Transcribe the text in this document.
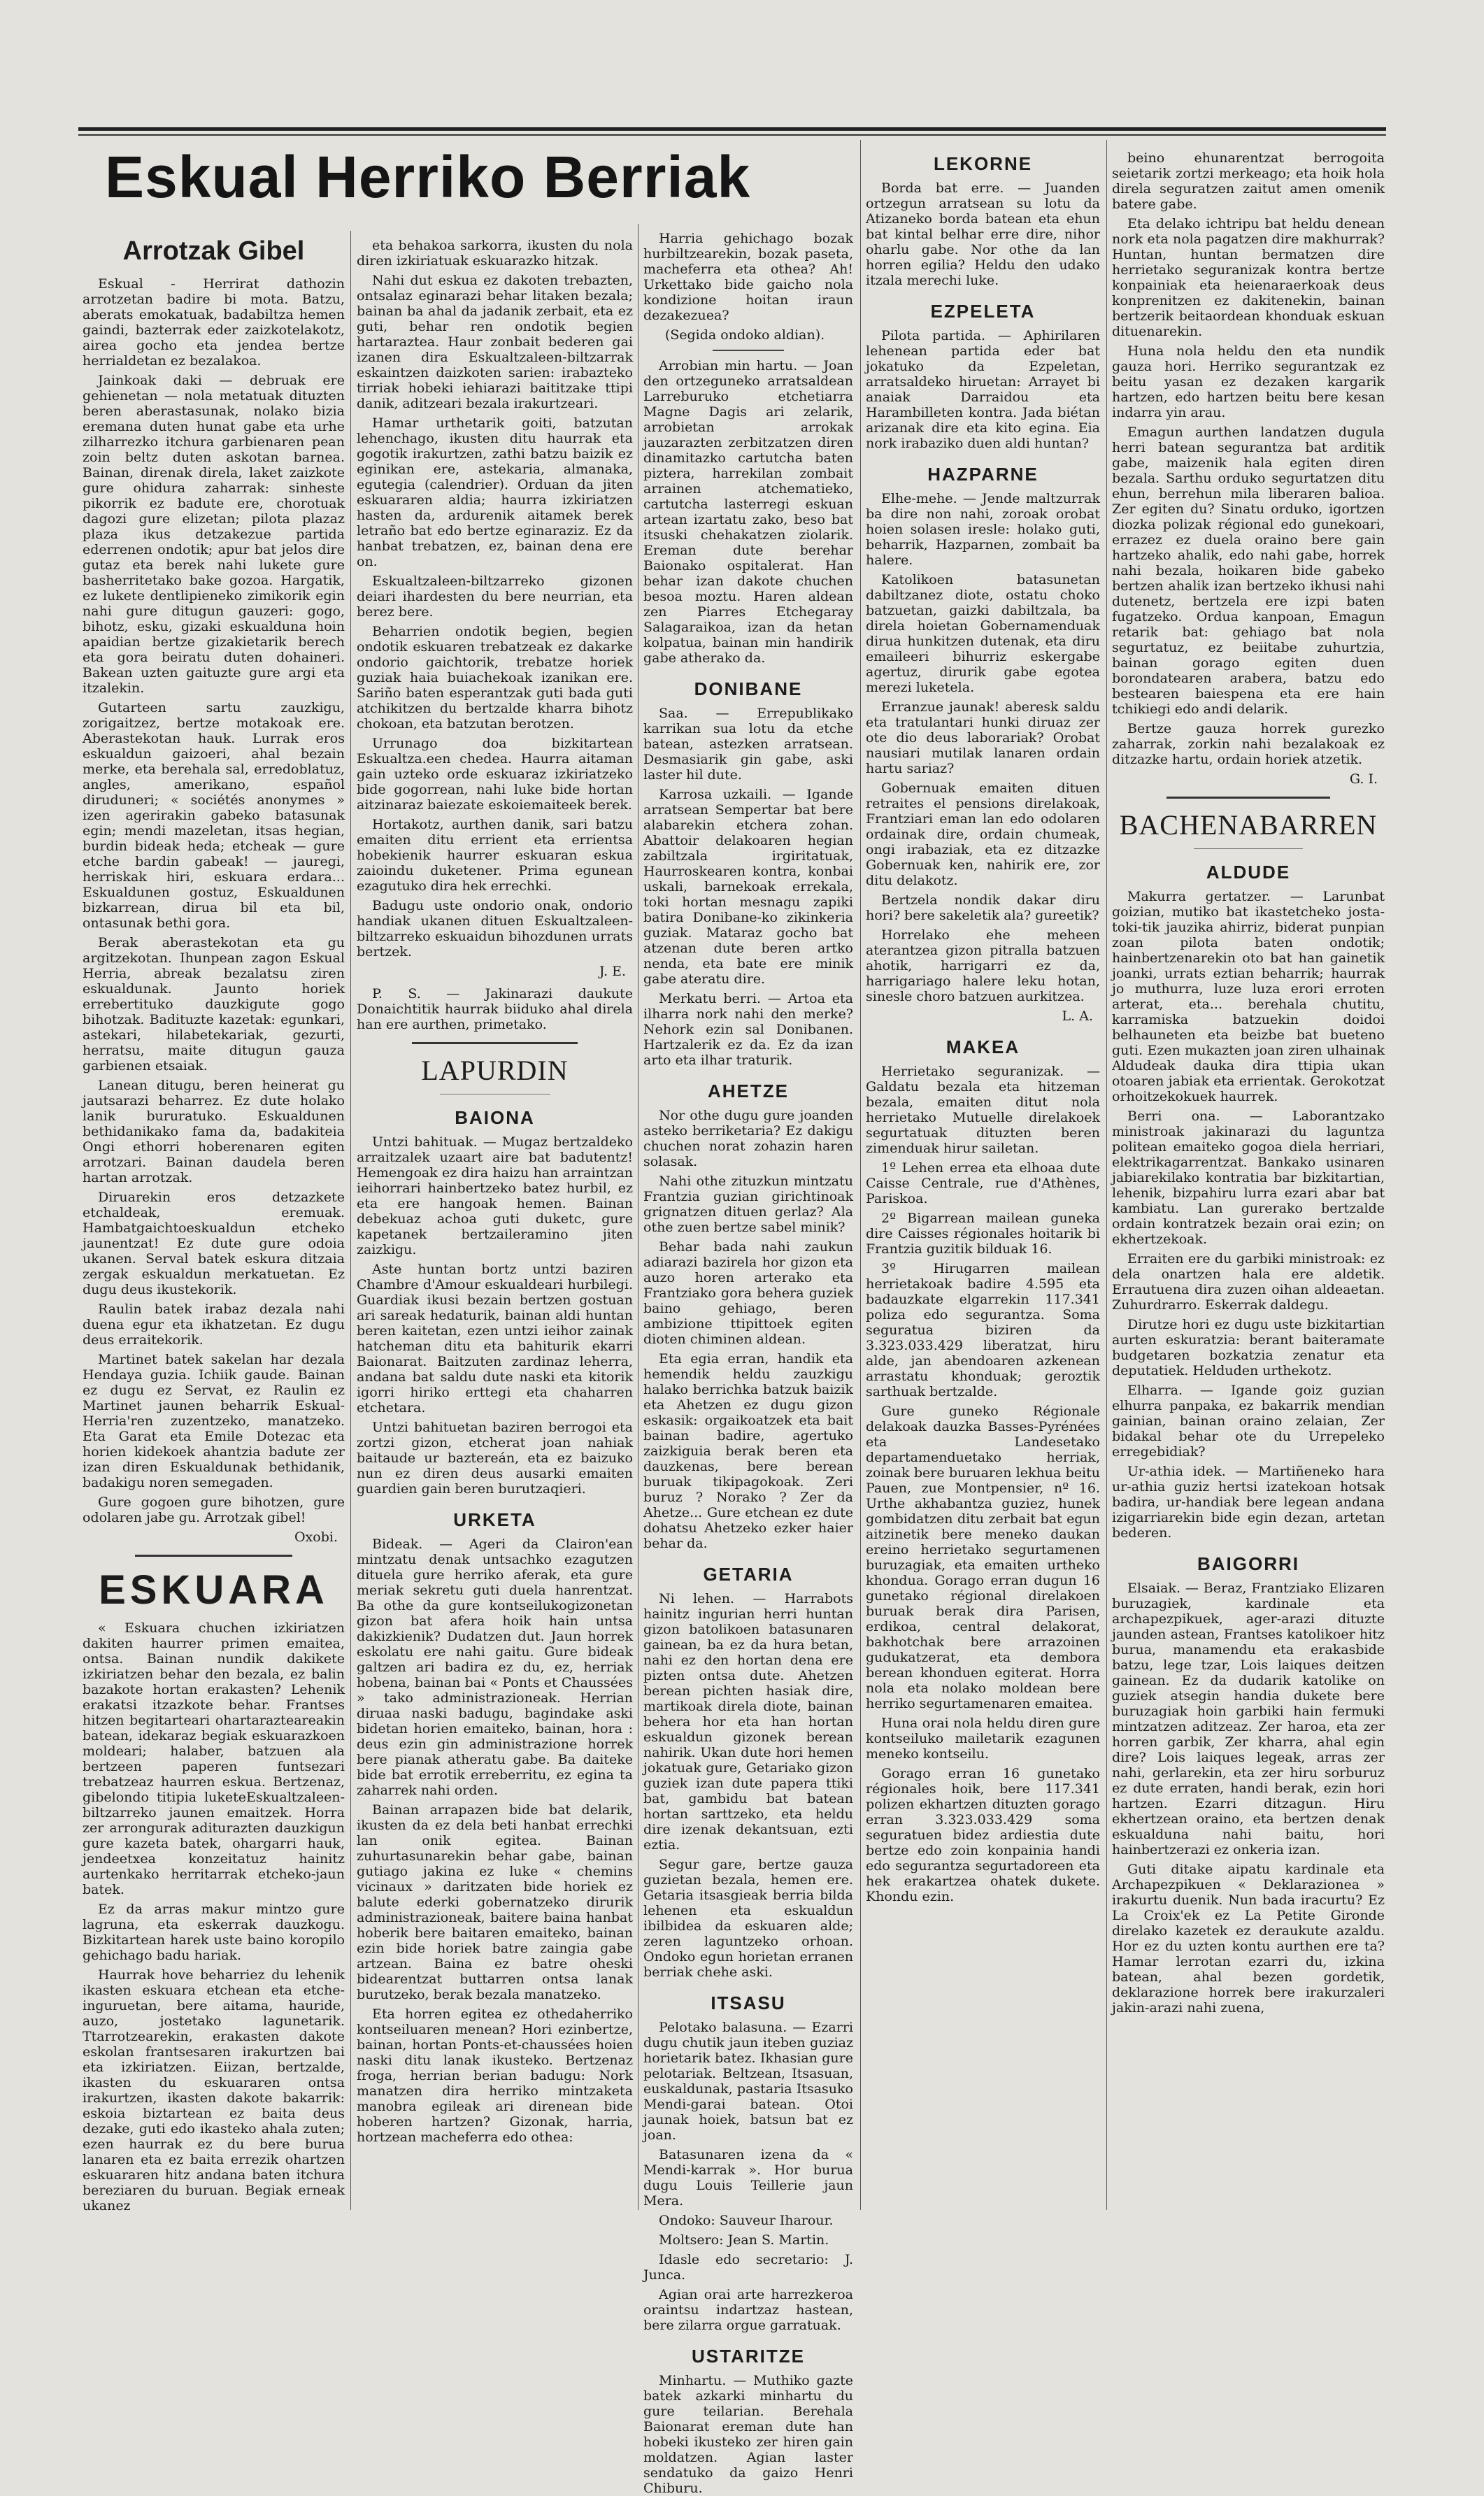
Eskual Herriko Berriak
Arrotzak Gibel

Eskual - Herrirat dathozin arrotzetan badire bi mota. Batzu, aberats emokatuak, badabiltza hemen gaindi, bazterrak eder zaizkotelakotz, airea gocho eta jendea bertze herrialdetan ez bezalakoa.

Jainkoak daki — debruak ere gehienetan — nola metatuak dituzten beren aberastasunak, nolako bizia eremana duten hunat gabe eta urhe zilharrezko itchura garbienaren pean zoin beltz duten askotan barnea. Bainan, direnak direla, laket zaizkote gure ohidura zaharrak: sinheste pikorrik ez badute ere, chorotuak dagozi gure elizetan; pilota plazaz plaza ikus detzakezue partida ederrenen ondotik; apur bat jelos dire gutaz eta berek nahi lukete gure basherritetako bake gozoa. Hargatik, ez lukete dentlipieneko zimikorik egin nahi gure ditugun gauzeri: gogo, bihotz, esku, gizaki eskualduna hoin apaidian bertze gizakietarik berech eta gora beiratu duten dohaineri. Bakean uzten gaituzte gure argi eta itzalekin.

Gutarteen sartu zauzkigu, zorigaitzez, bertze motakoak ere. Aberastekotan hauk. Lurrak eros eskualdun gaizoeri, ahal bezain merke, eta berehala sal, erredoblatuz, angles, amerikano, español diruduneri; « sociétés anonymes » izen agerirakin gabeko batasunak egin; mendi mazeletan, itsas hegian, burdin bideak heda; etcheak — gure etche bardin gabeak! — jauregi, herriskak hiri, eskuara erdara... Eskualdunen gostuz, Eskualdunen bizkarrean, dirua bil eta bil, ontasunak bethi gora.

Berak aberastekotan eta gu argitzekotan. Ihunpean zagon Eskual Herria, abreak bezalatsu ziren eskualdunak. Jaunto horiek errebertituko dauzkigute gogo bihotzak. Badituzte kazetak: egunkari, astekari, hilabetekariak, gezurti, herratsu, maite ditugun gauza garbienen etsaiak.

Lanean ditugu, beren heinerat gu jautsarazi beharrez. Ez dute holako lanik bururatuko. Eskualdunen bethidanikako fama da, badakiteia Ongi ethorri hoberenaren egiten arrotzari. Bainan daudela beren hartan arrotzak.

Diruarekin eros detzazkete etchaldeak, eremuak. Hambatgaichtoeskualdun etcheko jaunentzat! Ez dute gure odoia ukanen. Serval batek eskura ditzaia zergak eskualdun merkatuetan. Ez dugu deus ikustekorik.

Raulin batek irabaz dezala nahi duena egur eta ikhatzetan. Ez dugu deus erraitekorik.

Martinet batek sakelan har dezala Hendaya guzia. Ichiik gaude. Bainan ez dugu ez Servat, ez Raulin ez Martinet jaunen beharrik Eskual-Herria'ren zuzentzeko, manatzeko. Eta Garat eta Emile Dotezac eta horien kidekoek ahantzia badute zer izan diren Eskualdunak bethidanik, badakigu noren semegaden.

Gure gogoen gure bihotzen, gure odolaren jabe gu. Arrotzak gibel!

Oxobi.
ESKUARA

« Eskuara chuchen izkiriatzen dakiten haurrer primen emaitea, ontsa. Bainan nundik dakikete izkiriatzen behar den bezala, ez balin bazakote hortan erakasten? Lehenik erakatsi itzazkote behar. Frantses hitzen begitarteari ohartarazteareakin batean, idekaraz begiak eskuarazkoen moldeari; halaber, batzuen ala bertzeen paperen funtsezari trebatzeaz haurren eskua. Bertzenaz, gibelondo titipia luketeEskualtzaleen-biltzarreko jaunen emaitzek. Horra zer arrongurak aditurazten dauzkigun gure kazeta batek, ohargarri hauk, jendeetxea konzeitatuz hainitz aurtenkako herritarrak etcheko-jaun batek.

Ez da arras makur mintzo gure lagruna, eta eskerrak dauzkogu. Bizkitartean harek uste baino koropilo gehichago badu hariak.

Haurrak hove beharriez du lehenik ikasten eskuara etchean eta etche-inguruetan, bere aitama, hauride, auzo, jostetako lagunetarik. Ttarrotzearekin, erakasten dakote eskolan frantsesaren irakurtzen bai eta izkiriatzen. Eiizan, bertzalde, ikasten du eskuararen ontsa irakurtzen, ikasten dakote bakarrik: eskoia biztartean ez baita deus dezake, guti edo ikasteko ahala zuten; ezen haurrak ez du bere burua lanaren eta ez baita errezik ohartzen eskuararen hitz andana baten itchura bereziaren du buruan. Begiak erneak ukanez

eta behakoa sarkorra, ikusten du nola diren izkiriatuak eskuarazko hitzak.

Nahi dut eskua ez dakoten trebazten, ontsalaz eginarazi behar litaken bezala; bainan ba ahal da jadanik zerbait, eta ez guti, behar ren ondotik begien hartaraztea. Haur zonbait bederen gai izanen dira Eskualtzaleen-biltzarrak eskaintzen daizkoten sarien: irabazteko tirriak hobeki iehiarazi baititzake ttipi danik, aditzeari bezala irakurtzeari.

Hamar urthetarik goiti, batzutan lehenchago, ikusten ditu haurrak eta gogotik irakurtzen, zathi batzu baizik ez eginikan ere, astekaria, almanaka, egutegia (calendrier). Orduan da jiten eskuararen aldia; haurra izkiriatzen hasten da, ardurenik aitamek berek letraño bat edo bertze eginaraziz. Ez da hanbat trebatzen, ez, bainan dena ere on.

Eskualtzaleen-biltzarreko gizonen deiari ihardesten du bere neurrian, eta berez bere.

Beharrien ondotik begien, begien ondotik eskuaren trebatzeak ez dakarke ondorio gaichtorik, trebatze horiek guziak haia buiachekoak izanikan ere. Sariño baten esperantzak guti bada guti atchikitzen du bertzalde kharra bihotz chokoan, eta batzutan berotzen.

Urrunago doa bizkitartean Eskualtza.een chedea. Haurra aitaman gain uzteko orde eskuaraz izkiriatzeko bide gogorrean, nahi luke bide hortan aitzinaraz baiezate eskoiemaiteek berek.

Hortakotz, aurthen danik, sari batzu emaiten ditu errient eta errientsa hobekienik haurrer eskuaran eskua zaioindu duketener. Prima egunean ezagutuko dira hek errechki.

Badugu uste ondorio onak, ondorio handiak ukanen dituen Eskualtzaleen-biltzarreko eskuaidun bihozdunen urrats bertzek.

J. E.

P. S. — Jakinarazi daukute Donaichtitik haurrak biiduko ahal direla han ere aurthen, primetako.

LAPURDIN
BAIONA

Untzi bahituak. — Mugaz bertzaldeko arraitzalek uzaart aire bat badutentz! Hemengoak ez dira haizu han arraintzan ieihorrari hainbertzeko batez hurbil, ez eta ere hangoak hemen. Bainan debekuaz achoa guti duketc, gure kapetanek bertzaileramino jiten zaizkigu.

Aste huntan bortz untzi baziren Chambre d'Amour eskualdeari hurbilegi. Guardiak ikusi bezain bertzen gostuan ari sareak hedaturik, bainan aldi huntan beren kaitetan, ezen untzi ieihor zainak hatcheman ditu eta bahiturik ekarri Baionarat. Baitzuten zardinaz leherra, andana bat saldu dute naski eta kitorik igorri hiriko erttegi eta chaharren etchetara.

Untzi bahituetan baziren berrogoi eta zortzi gizon, etcherat joan nahiak baitaude ur baztereán, eta ez baizuko nun ez diren deus ausarki emaiten guardien gain beren burutzaqieri.

URKETA

Bideak. — Ageri da Clairon'ean mintzatu denak untsachko ezagutzen dituela gure herriko aferak, eta gure meriak sekretu guti duela hanrentzat. Ba othe da gure kontseilukogizonetan gizon bat afera hoik hain untsa dakizkienik? Dudatzen dut. Jaun horrek eskolatu ere nahi gaitu. Gure bideak galtzen ari badira ez du, ez, herriak hobena, bainan bai « Ponts et Chaussées » tako administrazioneak. Herrian diruaa naski badugu, bagindake aski bidetan horien emaiteko, bainan, hora : deus ezin gin administrazione horrek bere pianak atheratu gabe. Ba daiteke bide bat errotik erreberritu, ez egina ta zaharrek nahi orden.

Bainan arrapazen bide bat delarik, ikusten da ez dela beti hanbat errechki lan onik egitea. Bainan zuhurtasunarekin behar gabe, bainan gutiago jakina ez luke « chemins vicinaux » daritzaten bide horiek ez balute ederki gobernatzeko dirurik administrazioneak, baitere baina hanbat hoberik bere baitaren emaiteko, bainan ezin bide horiek batre zaingia gabe artzean. Baina ez batre oheski bidearentzat buttarren ontsa lanak burutzeko, berak bezala manatzeko.

Eta horren egitea ez othedaherriko kontseiluaren menean? Hori ezinbertze, bainan, hortan Ponts-et-chaussées hoien naski ditu lanak ikusteko. Bertzenaz froga, herrian berian badugu: Nork manatzen dira herriko mintzaketa manobra egileak ari direnean bide hoberen hartzen? Gizonak, harria, hortzean macheferra edo othea:

Harria gehichago bozak hurbiltzearekin, bozak paseta, macheferra eta othea? Ah! Urkettako bide gaicho nola kondizione hoitan iraun dezakezuea?

(Segida ondoko aldian).

Arrobian min hartu. — Joan den ortzeguneko arratsaldean Larreburuko etchetiarra Magne Dagis ari zelarik, arrobietan arrokak jauzarazten zerbitzatzen diren dinamitazko cartutcha baten piztera, harrekilan zombait arrainen atchematieko, cartutcha lasterregi eskuan artean izartatu zako, beso bat itsuski chehakatzen ziolarik. Ereman dute berehar Baionako ospitalerat. Han behar izan dakote chuchen besoa moztu. Haren aldean zen Piarres Etchegaray Salagaraikoa, izan da hetan kolpatua, bainan min handirik gabe atherako da.

DONIBANE

Saa. — Errepublikako karrikan sua lotu da etche batean, astezken arratsean. Desmasiarik gin gabe, aski laster hil dute.

Karrosa uzkaili. — Igande arratsean Sempertar bat bere alabarekin etchera zohan. Abattoir delakoaren hegian zabiltzala irgiritatuak, Haurroskearen kontra, konbai uskali, barnekoak errekala, toki hortan mesnagu zapiki batira Donibane-ko zikinkeria guziak. Mataraz gocho bat atzenan dute beren artko nenda, eta bate ere minik gabe ateratu dire.

Merkatu berri. — Artoa eta ilharra nork nahi den merke? Nehork ezin sal Donibanen. Hartzalerik ez da. Ez da izan arto eta ilhar traturik.

AHETZE

Nor othe dugu gure joanden asteko berriketaria? Ez dakigu chuchen norat zohazin haren solasak.

Nahi othe zituzkun mintzatu Frantzia guzian girichtinoak grignatzen dituen gerlaz? Ala othe zuen bertze sabel minik?

Behar bada nahi zaukun adiarazi bazirela hor gizon eta auzo horen arterako eta Frantziako gora behera guziek baino gehiago, beren ambizione ttipittoek egiten dioten chiminen aldean.

Eta egia erran, handik eta hemendik heldu zauzkigu halako berrichka batzuk baizik eta Ahetzen ez dugu gizon eskasik: orgaikoatzek eta bait bainan badire, agertuko zaizkiguia berak beren eta dauzkenas, bere berean buruak tikipagokoak. Zeri buruz ? Norako ? Zer da Ahetze... Gure etchean ez dute dohatsu Ahetzeko ezker haier behar da.

GETARIA

Ni lehen. — Harrabots hainitz ingurian herri huntan gizon batolikoen batasunaren gainean, ba ez da hura betan, nahi ez den hortan dena ere pizten ontsa dute. Ahetzen berean pichten hasiak dire, martikoak direla diote, bainan behera hor eta han hortan eskualdun gizonek berean nahirik. Ukan dute hori hemen jokatuak gure, Getariako gizon guziek izan dute papera ttiki bat, gambidu bat batean hortan sarttzeko, eta heldu dire izenak dekantsuan, ezti eztia.

Segur gare, bertze gauza guzietan bezala, hemen ere. Getaria itsasgieak berria bilda lehenen eta eskualdun ibilbidea da eskuaren alde; zeren laguntzeko orhoan. Ondoko egun horietan erranen berriak chehe aski.

ITSASU

Pelotako balasuna. — Ezarri dugu chutik jaun iteben guziaz horietarik batez. Ikhasian gure pelotariak. Beltzean, Itsasuan, euskaldunak, pastaria Itsasuko Mendi-garai batean. Otoi jaunak hoiek, batsun bat ez joan.

Batasunaren izena da « Mendi-karrak ». Hor burua dugu Louis Teillerie jaun Mera.

Ondoko: Sauveur Iharour.

Moltsero: Jean S. Martin.

Idasle edo secretario: J. Junca.

Agian orai arte harrezkeroa oraintsu indartzaz hastean, bere zilarra orgue garratuak.

USTARITZE

Minhartu. — Muthiko gazte batek azkarki minhartu du gure teilarian. Berehala Baionarat ereman dute han hobeki ikusteko zer hiren gain moldatzen. Agian laster sendatuko da gaizo Henri Chiburu.

LEKORNE

Borda bat erre. — Juanden ortzegun arratsean su lotu da Atizaneko borda batean eta ehun bat kintal belhar erre dire, nihor oharlu gabe. Nor othe da lan horren egilia? Heldu den udako itzala merechi luke.

EZPELETA

Pilota partida. — Aphirilaren lehenean partida eder bat jokatuko da Ezpeletan, arratsaldeko hiruetan: Arrayet bi anaiak Darraidou eta Harambilleten kontra. Jada biétan arizanak dire eta kito egina. Eia nork irabaziko duen aldi huntan?

HAZPARNE

Elhe-mehe. — Jende maltzurrak ba dire non nahi, zoroak orobat hoien solasen iresle: holako guti, beharrik, Hazparnen, zombait ba halere.

Katolikoen batasunetan dabiltzanez diote, ostatu choko batzuetan, gaizki dabiltzala, ba direla hoietan Gobernamenduak dirua hunkitzen dutenak, eta diru emaileeri bihurriz eskergabe agertuz, dirurik gabe egotea merezi luketela.

Erranzue jaunak! aberesk saldu eta tratulantari hunki diruaz zer ote dio deus laborariak? Orobat nausiari mutilak lanaren ordain hartu sariaz?

Gobernuak emaiten dituen retraites el pensions direlakoak, Frantziari eman lan edo odolaren ordainak dire, ordain chumeak, ongi irabaziak, eta ez ditzazke Gobernuak ken, nahirik ere, zor ditu delakotz.

Bertzela nondik dakar diru hori? bere sakeletik ala? gureetik?

Horrelako ehe meheen aterantzea gizon pitralla batzuen ahotik, harrigarri ez da, harrigariago halere leku hotan, sinesle choro batzuen aurkitzea.

L. A.
MAKEA

Herrietako seguranizak. — Galdatu bezala eta hitzeman bezala, emaiten ditut nola herrietako Mutuelle direlakoek segurtatuak dituzten beren zimenduak hirur sailetan.

1º Lehen errea eta elhoaa dute Caisse Centrale, rue d'Athènes, Pariskoa.

2º Bigarrean mailean guneka dire Caisses régionales hoitarik bi Frantzia guzitik bilduak 16.

3º Hirugarren mailean herrietakoak badire 4.595 eta badauzkate elgarrekin 117.341 poliza edo segurantza. Soma seguratua biziren da 3.323.033.429 liberatzat, hiru alde, jan abendoaren azkenean arrastatu khonduak; geroztik sarthuak bertzalde.

Gure guneko Régionale delakoak dauzka Basses-Pyrénées eta Landesetako departamenduetako herriak, zoinak bere buruaren lekhua beitu Pauen, zue Montpensier, nº 16. Urthe akhabantza guziez, hunek gombidatzen ditu zerbait bat egun aitzinetik bere meneko daukan ereino herrietako segurtamenen buruzagiak, eta emaiten urtheko khondua. Gorago erran dugun 16 gunetako régional direlakoen buruak berak dira Parisen, erdikoa, central delakorat, bakhotchak bere arrazoinen gudukatzerat, eta dembora berean khonduen egiterat. Horra nola eta nolako moldean bere herriko segurtamenaren emaitea.

Huna orai nola heldu diren gure kontseiluko mailetarik ezagunen meneko kontseilu.

Gorago erran 16 gunetako régionales hoik, bere 117.341 polizen ekhartzen dituzten gorago erran 3.323.033.429 soma seguratuen bidez ardiestia dute bertze edo zoin konpainia handi edo segurantza segurtadoreen eta hek erakartzea ohatek dukete. Khondu ezin.

beino ehunarentzat berrogoita seietarik zortzi merkeago; eta hoik hola direla seguratzen zaitut amen omenik batere gabe.

Eta delako ichtripu bat heldu denean nork eta nola pagatzen dire makhurrak? Huntan, huntan bermatzen dire herrietako seguranizak kontra bertze konpainiak eta heienaraerkoak deus konprenitzen ez dakitenekin, bainan bertzerik beitaordean khonduak eskuan dituenarekin.

Huna nola heldu den eta nundik gauza hori. Herriko segurantzak ez beitu yasan ez dezaken kargarik hartzen, edo hartzen beitu bere kesan indarra yin arau.

Emagun aurthen landatzen dugula herri batean segurantza bat arditik gabe, maizenik hala egiten diren bezala. Sarthu orduko segurtatzen ditu ehun, berrehun mila liberaren balioa. Zer egiten du? Sinatu orduko, igortzen diozka polizak régional edo gunekoari, errazez ez duela oraino bere gain hartzeko ahalik, edo nahi gabe, horrek nahi bezala, hoikaren bide gabeko bertzen ahalik izan bertzeko ikhusi nahi dutenetz, bertzela ere izpi baten fugatzeko. Ordua kanpoan, Emagun retarik bat: gehiago bat nola segurtatuz, ez beiitabe zuhurtzia, bainan gorago egiten duen borondatearen arabera, batzu edo bestearen baiespena eta ere hain tchikiegi edo andi delarik.

Bertze gauza horrek gurezko zaharrak, zorkin nahi bezalakoak ez ditzazke hartu, ordain horiek atzetik.

G. I.
BACHENABARREN
ALDUDE

Makurra gertatzer. — Larunbat goizian, mutiko bat ikastetcheko josta-toki-tik jauzika ahirriz, biderat punpian zoan pilota baten ondotik; hainbertzenarekin oto bat han gainetik joanki, urrats eztian beharrik; haurrak jo muthurra, luze luza erori erroten arterat, eta... berehala chutitu, karramiska batzuekin doidoi belhauneten eta beizbe bat bueteno guti. Ezen mukazten joan ziren ulhainak Aldudeak dauka dira ttipia ukan otoaren jabiak eta errientak. Gerokotzat orhoitzekokuek haurrek.

Berri ona. — Laborantzako ministroak jakinarazi du laguntza politean emaiteko gogoa diela herriari, elektrikagarrentzat. Bankako usinaren jabiarekilako kontratia bar bizkitartian, lehenik, bizpahiru lurra ezari abar bat kambiatu. Lan gurerako bertzalde ordain kontratzek bezain orai ezin; on ekhertzekoak.

Erraiten ere du garbiki ministroak: ez dela onartzen hala ere aldetik. Errautuena dira zuzen oihan aldeaetan. Zuhurdrarro. Eskerrak daldegu.

Dirutze hori ez dugu uste bizkitartian aurten eskuratzia: berant baiteramate budgetaren bozkatzia zenatur eta deputatiek. Helduden urthekotz.

Elharra. — Igande goiz guzian elhurra panpaka, ez bakarrik mendian gainian, bainan oraino zelaian, Zer bidakal behar ote du Urrepeleko erregebidiak?

Ur-athia idek. — Martiñeneko hara ur-athia guziz hertsi izatekoan hotsak badira, ur-handiak bere legean andana izigarriarekin bide egin dezan, artetan bederen.

BAIGORRI

Elsaiak. — Beraz, Frantziako Elizaren buruzagiek, kardinale eta archapezpikuek, ager-arazi dituzte jaunden astean, Frantses katolikoer hitz burua, manamendu eta erakasbide batzu, lege tzar, Lois laiques deitzen gainean. Ez da dudarik katolike on guziek atsegin handia dukete bere buruzagiak hoin garbiki hain fermuki mintzatzen aditzeaz. Zer haroa, eta zer horren garbik, Zer kharra, ahal egin dire? Lois laiques legeak, arras zer nahi, gerlarekin, eta zer hiru sorburuz ez dute erraten, handi berak, ezin hori hartzen. Ezarri ditzagun. Hiru ekhertzean oraino, eta bertzen denak eskualduna nahi baitu, hori hainbertzerazi ez onkeria izan.

Guti ditake aipatu kardinale eta Archapezpikuen « Deklarazionea » irakurtu duenik. Nun bada iracurtu? Ez La Croix'ek ez La Petite Gironde direlako kazetek ez deraukute azaldu. Hor ez du uzten kontu aurthen ere ta? Hamar lerrotan ezarri du, izkina batean, ahal bezen gordetik, deklarazione horrek bere irakurzaleri jakin-arazi nahi zuena,
